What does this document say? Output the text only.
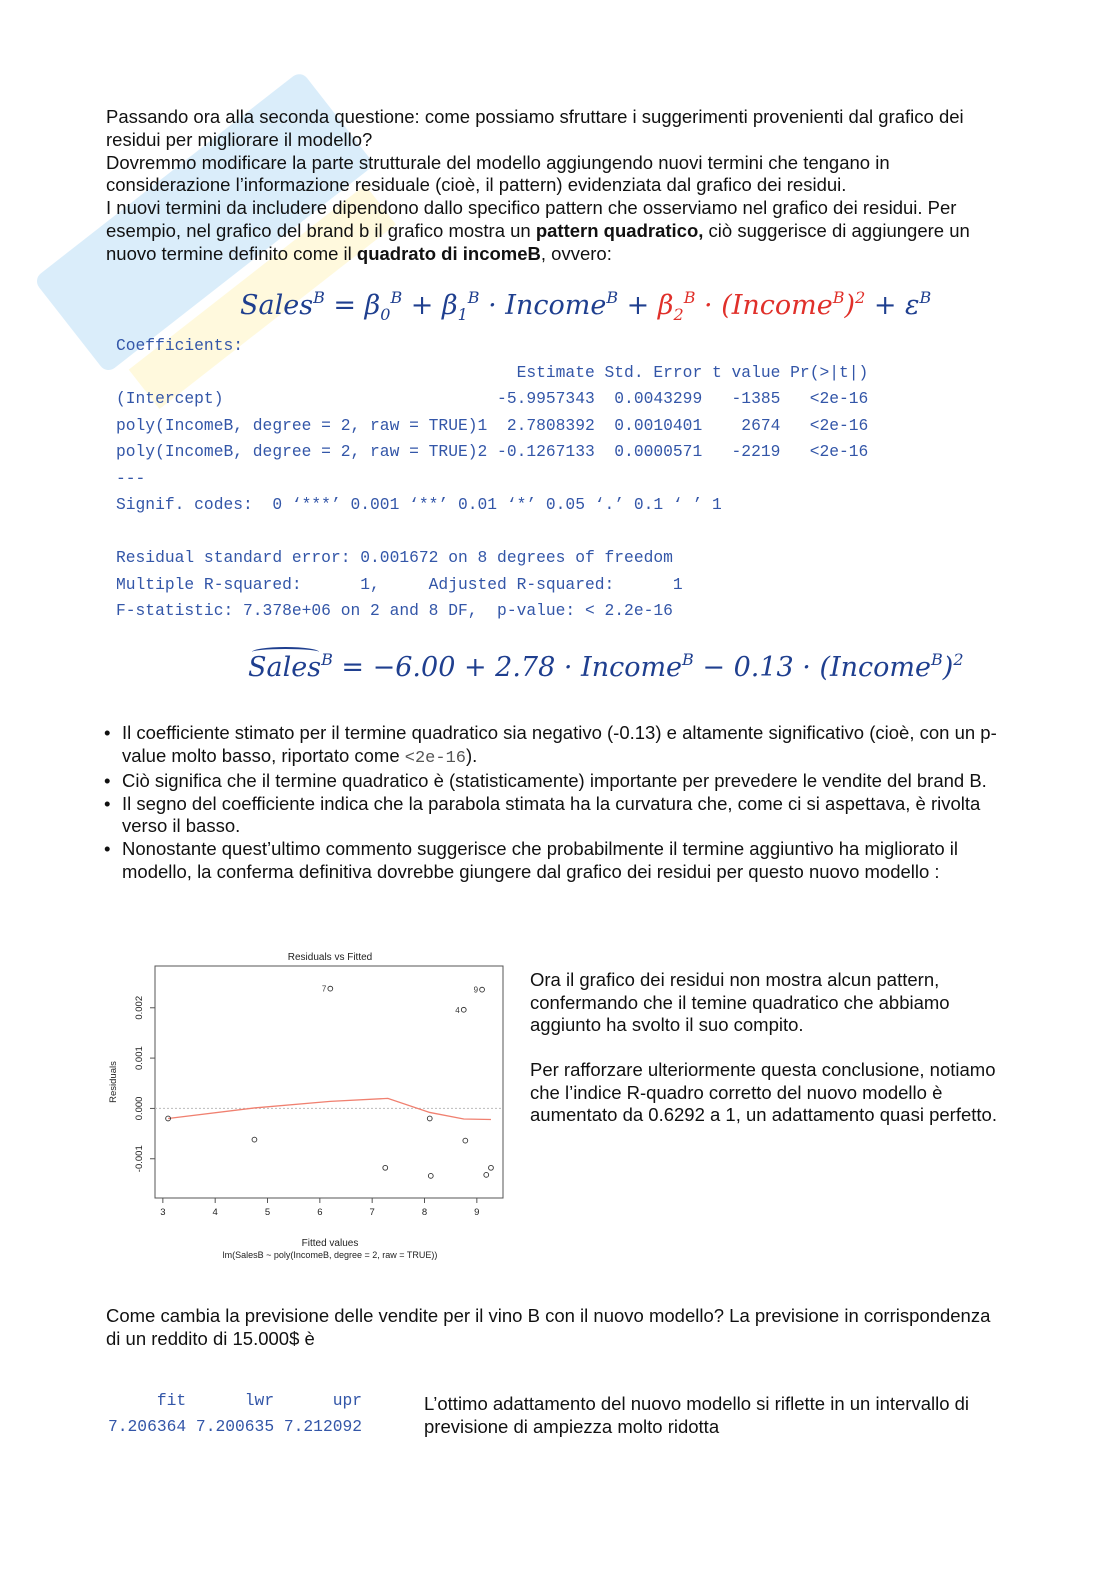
Passando ora alla seconda questione: come possiamo sfruttare i suggerimenti provenienti dal grafico dei residui per migliorare il modello?
Dovremmo modificare la parte strutturale del modello aggiungendo nuovi termini che tengano in considerazione l’informazione residuale (cioè, il pattern) evidenziata dal grafico dei residui.
I nuovi termini da includere dipendono dallo specifico pattern che osserviamo nel grafico dei residui. Per esempio, nel grafico del brand b il grafico mostra un pattern quadratico, ciò suggerisce di aggiungere un nuovo termine definito come il quadrato di incomeB, ovvero:
Sales$^B$ = $\beta_0^B + \beta_1^B$ · Income$^B$ + $\beta_2^B$ · (Income$^B$)$^2$ + $\varepsilon^B$
Coefficients:
Estimate Std. Error t value Pr(>|t|)
(Intercept)                            -5.9957343  0.0043299   -1385   <2e-16
poly(IncomeB, degree = 2, raw = TRUE)1  2.7808392  0.0010401    2674   <2e-16
poly(IncomeB, degree = 2, raw = TRUE)2 -0.1267133  0.0000571   -2219   <2e-16
---
Signif. codes:  0 ‘***’ 0.001 ‘**’ 0.01 ‘*’ 0.05 ‘.’ 0.1 ‘ ’ 1
Residual standard error: 0.001672 on 8 degrees of freedom
Multiple R-squared:      1,     Adjusted R-squared:      1
F-statistic: 7.378e+06 on 2 and 8 DF,  p-value: < 2.2e-16
Sales$^B$ = −6.00 + 2.78 · Income$^B$ − 0.13 · (Income$^B$)$^2$
• Il coefficiente stimato per il termine quadratico sia negativo (-0.13) e altamente significativo (cioè, con un p-value molto basso, riportato come <2e-16).
• Ciò significa che il termine quadratico è (statisticamente) importante per prevedere le vendite del brand B.
• Il segno del coefficiente indica che la parabola stimata ha la curvatura che, come ci si aspettava, è rivolta verso il basso.
• Nonostante quest’ultimo commento suggerisce che probabilmente il termine aggiuntivo ha migliorato il modello, la conferma definitiva dovrebbe giungere dal grafico dei residui per questo nuovo modello :
Residuals vs Fitted
Fitted values
lm(SalesB ~ poly(IncomeB, degree = 2, raw = TRUE))
Residuals
3	4	5	6	7	8	9
-0.001
0.000
0.001
0.002
7
4
9

Ora il grafico dei residui non mostra alcun pattern, confermando che il temine quadratico che abbiamo aggiunto ha svolto il suo compito.

Per rafforzare ulteriormente questa conclusione, notiamo che l’indice R-quadro corretto del nuovo modello è aumentato da 0.6292 a 1, un adattamento quasi perfetto.

Come cambia la previsione delle vendite per il vino B con il nuovo modello? La previsione in corrispondenza di un reddito di 15.000$ è

fit      lwr      upr
7.206364 7.200635 7.212092

L’ottimo adattamento del nuovo modello si riflette in un intervallo di previsione di ampiezza molto ridotta
